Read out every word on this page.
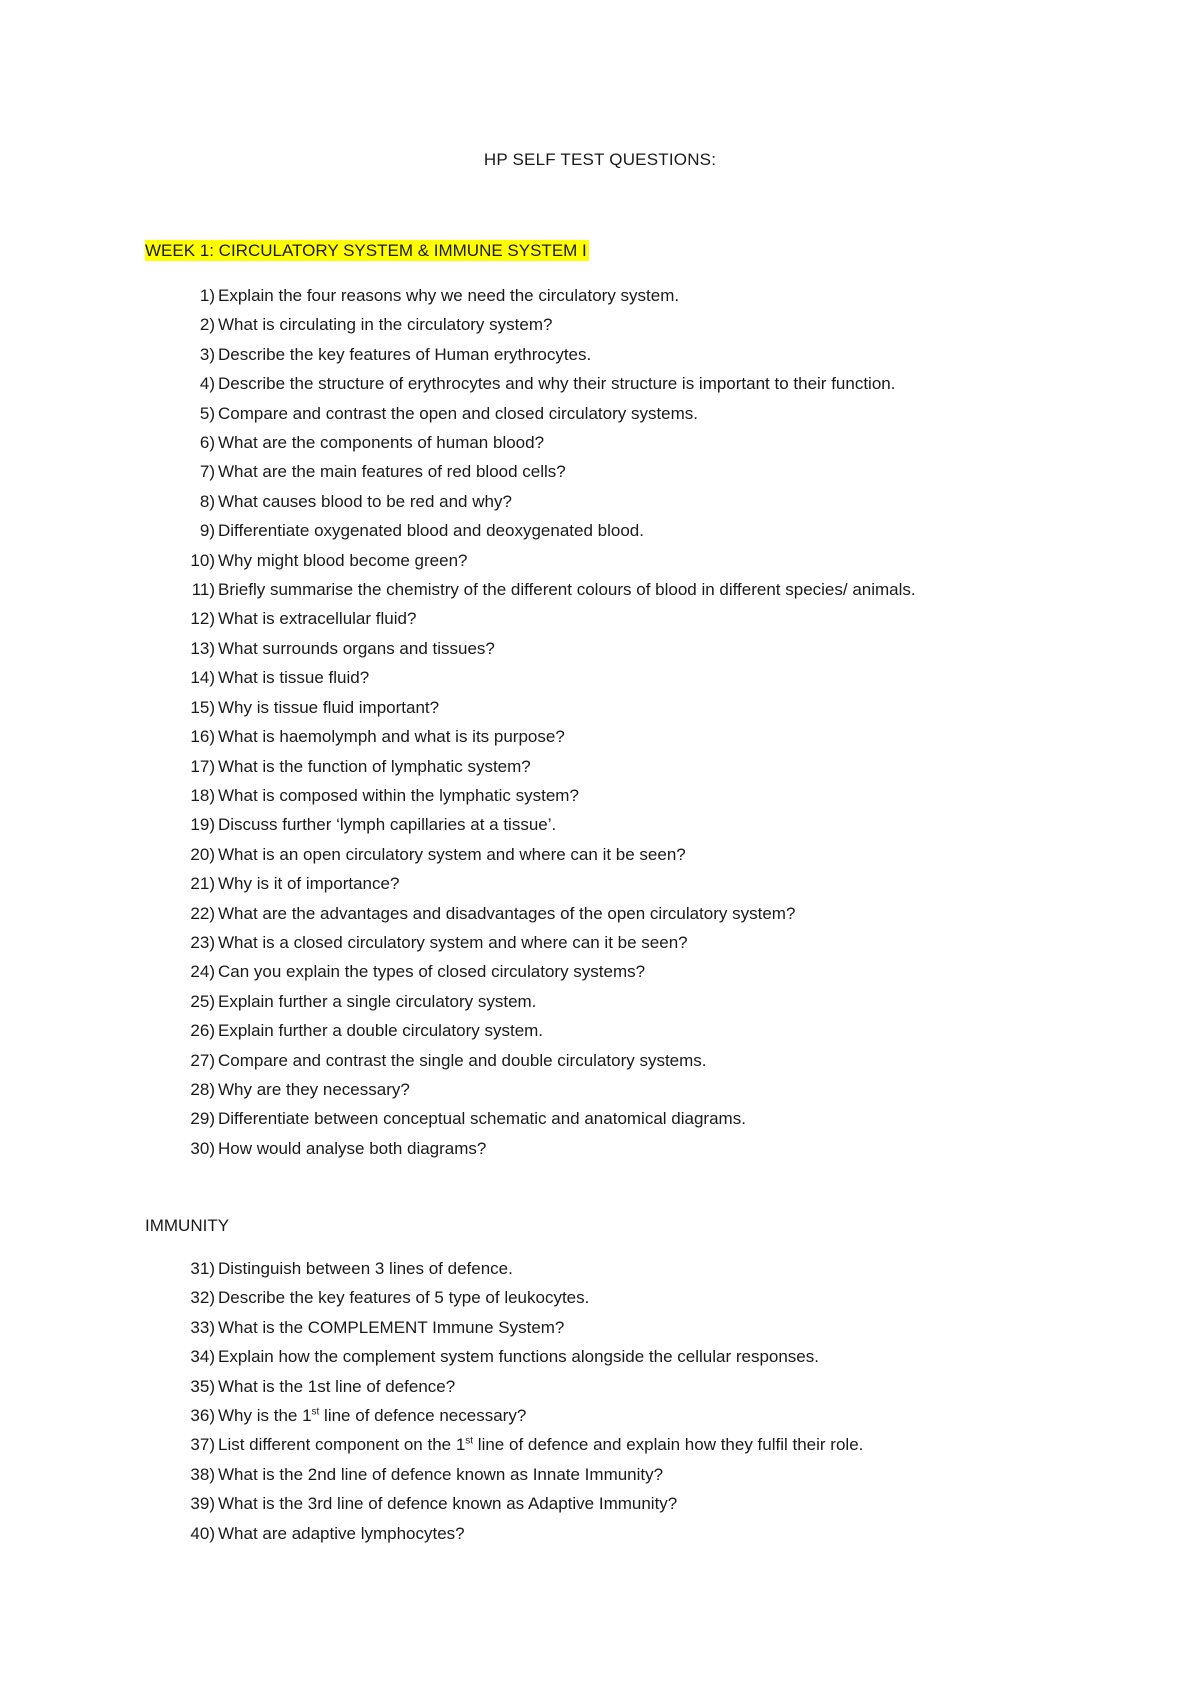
HP SELF TEST QUESTIONS:
WEEK 1: CIRCULATORY SYSTEM & IMMUNE SYSTEM I
1) Explain the four reasons why we need the circulatory system.
2) What is circulating in the circulatory system?
3) Describe the key features of Human erythrocytes.
4) Describe the structure of erythrocytes and why their structure is important to their function.
5) Compare and contrast the open and closed circulatory systems.
6) What are the components of human blood?
7) What are the main features of red blood cells?
8) What causes blood to be red and why?
9) Differentiate oxygenated blood and deoxygenated blood.
10) Why might blood become green?
11) Briefly summarise the chemistry of the different colours of blood in different species/ animals.
12) What is extracellular fluid?
13) What surrounds organs and tissues?
14) What is tissue fluid?
15) Why is tissue fluid important?
16) What is haemolymph and what is its purpose?
17) What is the function of lymphatic system?
18) What is composed within the lymphatic system?
19) Discuss further ‘lymph capillaries at a tissue’.
20) What is an open circulatory system and where can it be seen?
21) Why is it of importance?
22) What are the advantages and disadvantages of the open circulatory system?
23) What is a closed circulatory system and where can it be seen?
24) Can you explain the types of closed circulatory systems?
25) Explain further a single circulatory system.
26) Explain further a double circulatory system.
27) Compare and contrast the single and double circulatory systems.
28) Why are they necessary?
29) Differentiate between conceptual schematic and anatomical diagrams.
30) How would analyse both diagrams?
IMMUNITY
31) Distinguish between 3 lines of defence.
32) Describe the key features of 5 type of leukocytes.
33) What is the COMPLEMENT Immune System?
34) Explain how the complement system functions alongside the cellular responses.
35) What is the 1st line of defence?
36) Why is the 1st line of defence necessary?
37) List different component on the 1st line of defence and explain how they fulfil their role.
38) What is the 2nd line of defence known as Innate Immunity?
39) What is the 3rd line of defence known as Adaptive Immunity?
40) What are adaptive lymphocytes?
